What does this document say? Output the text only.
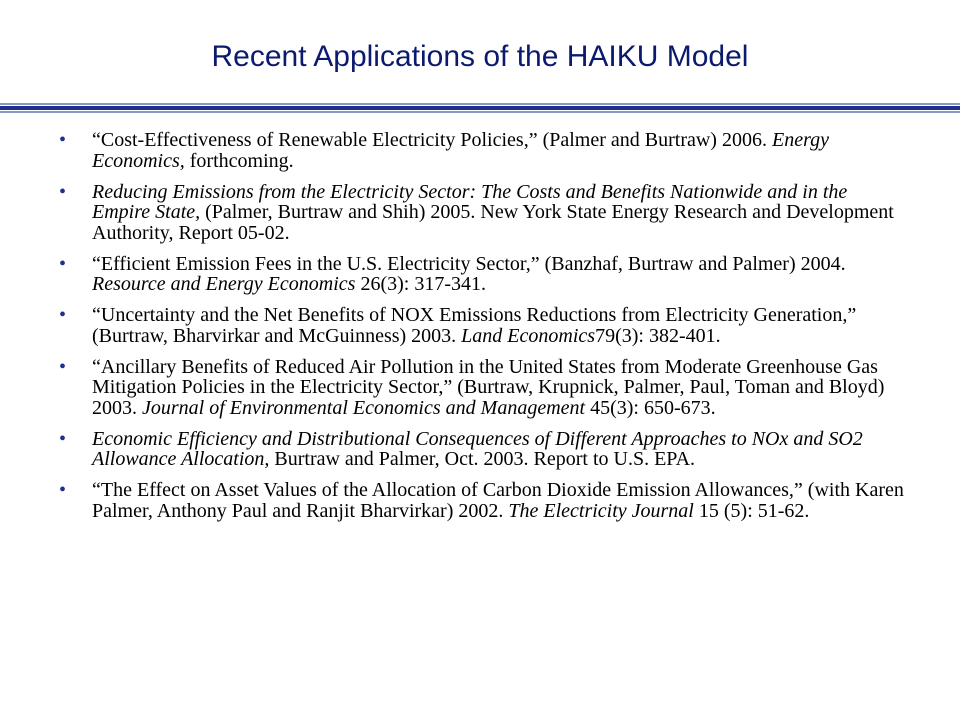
Recent Applications of the HAIKU Model
• “Cost-Effectiveness of Renewable Electricity Policies,” (Palmer and Burtraw) 2006. Energy Economics, forthcoming.
• Reducing Emissions from the Electricity Sector: The Costs and Benefits Nationwide and in the Empire State, (Palmer, Burtraw and Shih) 2005. New York State Energy Research and Development Authority, Report 05-02.
• “Efficient Emission Fees in the U.S. Electricity Sector,” (Banzhaf, Burtraw and Palmer) 2004. Resource and Energy Economics 26(3): 317-341.
• “Uncertainty and the Net Benefits of NOX Emissions Reductions from Electricity Generation,” (Burtraw, Bharvirkar and McGuinness) 2003. Land Economics79(3): 382-401.
• “Ancillary Benefits of Reduced Air Pollution in the United States from Moderate Greenhouse Gas Mitigation Policies in the Electricity Sector,” (Burtraw, Krupnick, Palmer, Paul, Toman and Bloyd) 2003. Journal of Environmental Economics and Management 45(3): 650-673.
• Economic Efficiency and Distributional Consequences of Different Approaches to NOx and SO2 Allowance Allocation, Burtraw and Palmer, Oct. 2003. Report to U.S. EPA.
• “The Effect on Asset Values of the Allocation of Carbon Dioxide Emission Allowances,” (with Karen Palmer, Anthony Paul and Ranjit Bharvirkar) 2002. The Electricity Journal 15 (5): 51-62.
